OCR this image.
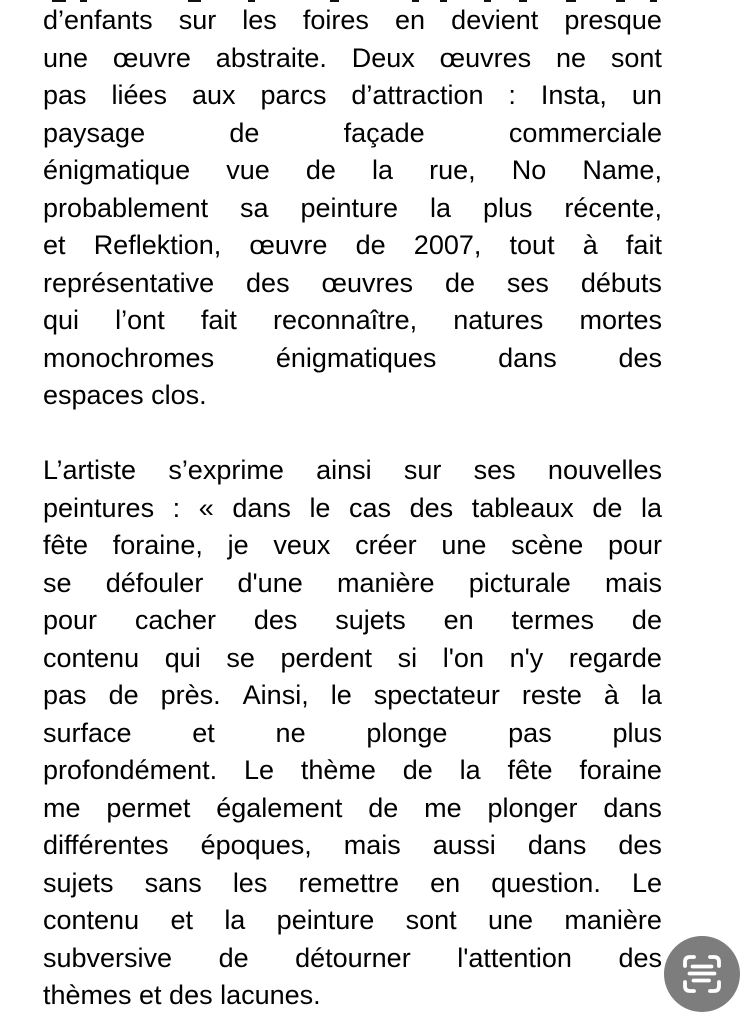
d’enfants sur les foires en devient presque
une œuvre abstraite. Deux œuvres ne sont
pas liées aux parcs d’attraction : Insta, un
paysage	de	façade	commerciale
énigmatique vue de la rue, No Name,
probablement sa peinture la plus récente,
et Reflektion, œuvre de 2007, tout à fait
représentative des œuvres de ses débuts
qui l’ont fait reconnaître, natures mortes
monochromes énigmatiques dans des
espaces clos.
L’artiste s’exprime ainsi sur ses nouvelles
peintures : « dans le cas des tableaux de la
fête foraine, je veux créer une scène pour
se défouler d'une manière picturale mais
pour cacher des sujets en termes de
contenu qui se perdent si l'on n'y regarde
pas de près. Ainsi, le spectateur reste à la
surface et ne plonge pas plus
profondément. Le thème de la fête foraine
me permet également de me plonger dans
différentes époques, mais aussi dans des
sujets sans les remettre en question. Le
contenu et la peinture sont une manière
subversive de détourner l'attention des
thèmes et des lacunes.
